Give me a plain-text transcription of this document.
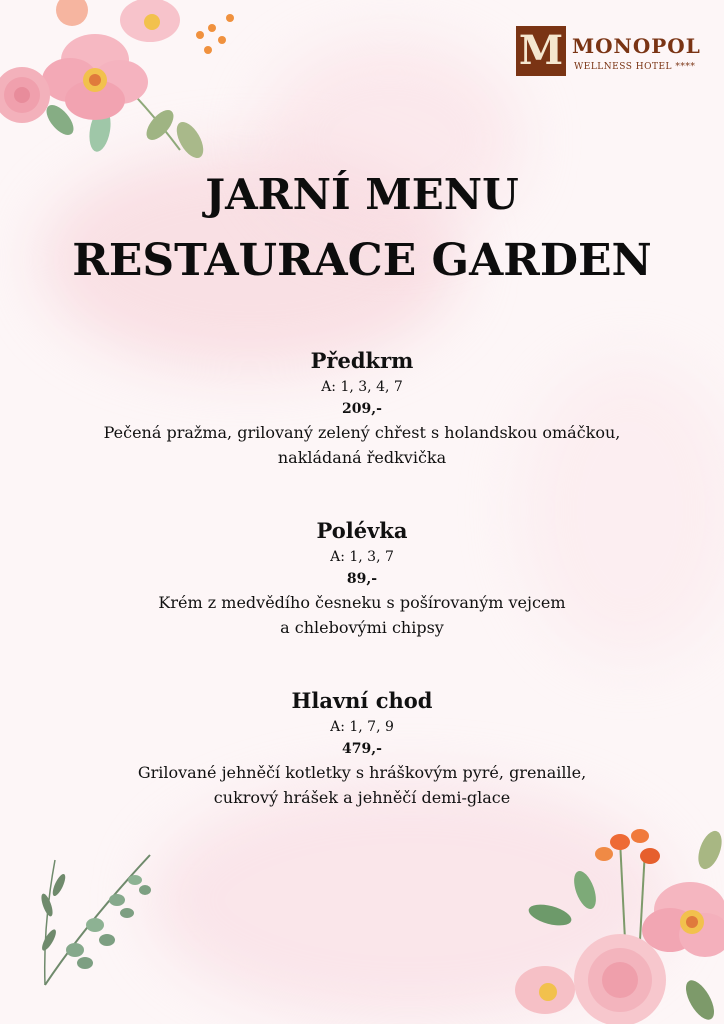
M MONOPOL
WELLNESS HOTEL ****
JARNÍ MENU
RESTAURACE GARDEN
Předkrm
A: 1, 3, 4, 7
209,-
Pečená pražma, grilovaný zelený chřest s holandskou omáčkou,
nakládaná ředkvička
Polévka
A: 1, 3, 7
89,-
Krém z medvědího česneku s pošírovaným vejcem
a chlebovými chipsy
Hlavní chod
A: 1, 7, 9
479,-
Grilované jehněčí kotletky s hráškovým pyré, grenaille,
cukrový hrášek a jehněčí demi-glace
